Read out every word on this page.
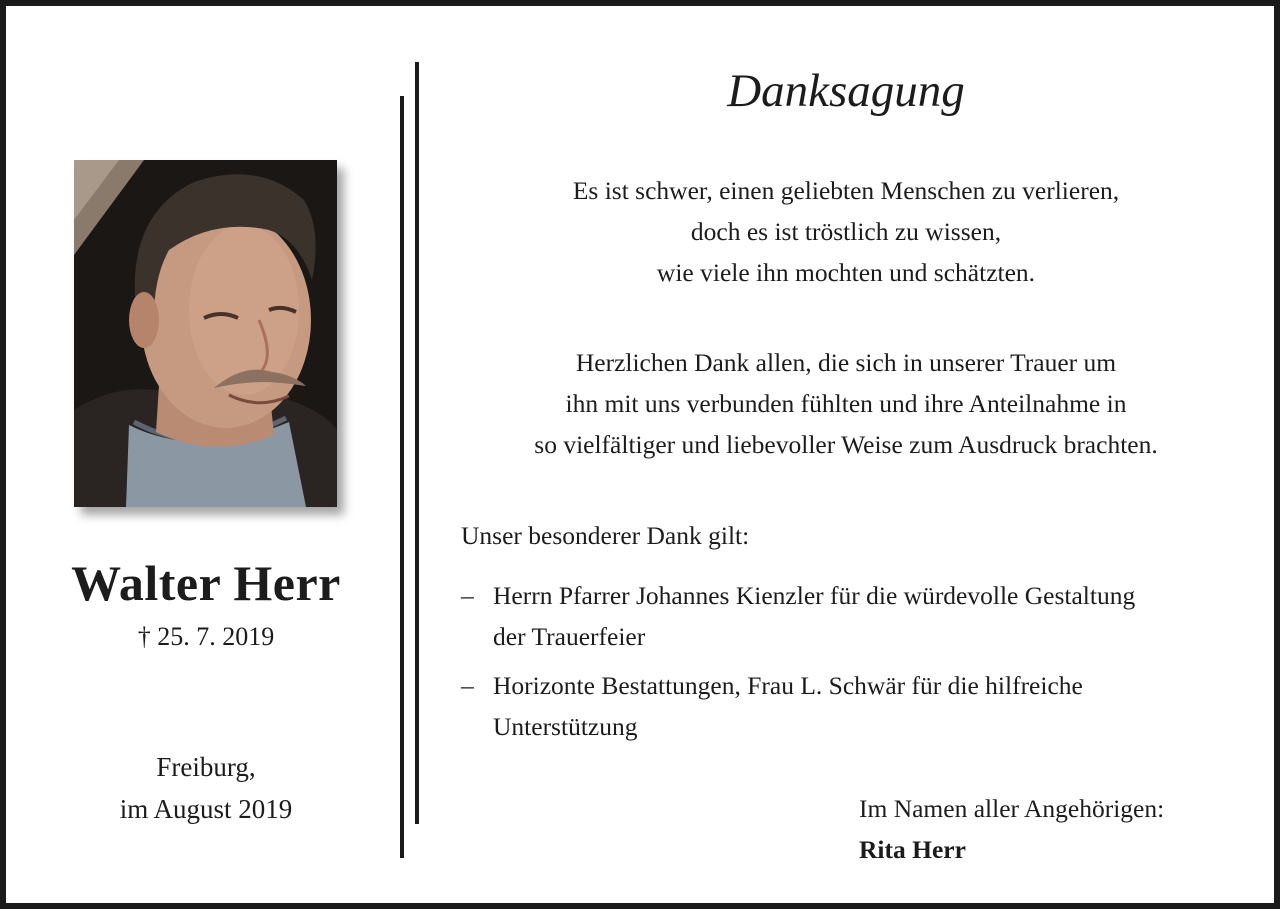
Walter Herr
† 25. 7. 2019
Freiburg,
im August 2019
Danksagung
Es ist schwer, einen geliebten Menschen zu verlieren,
doch es ist tröstlich zu wissen,
wie viele ihn mochten und schätzten.
Herzlichen Dank allen, die sich in unserer Trauer um
ihn mit uns verbunden fühlten und ihre Anteilnahme in
so vielfältiger und liebevoller Weise zum Ausdruck brachten.
Unser besonderer Dank gilt:
– Herrn Pfarrer Johannes Kienzler für die würdevolle Gestaltung
der Trauerfeier
– Horizonte Bestattungen, Frau L. Schwär für die hilfreiche
Unterstützung
Im Namen aller Angehörigen:
Rita Herr
